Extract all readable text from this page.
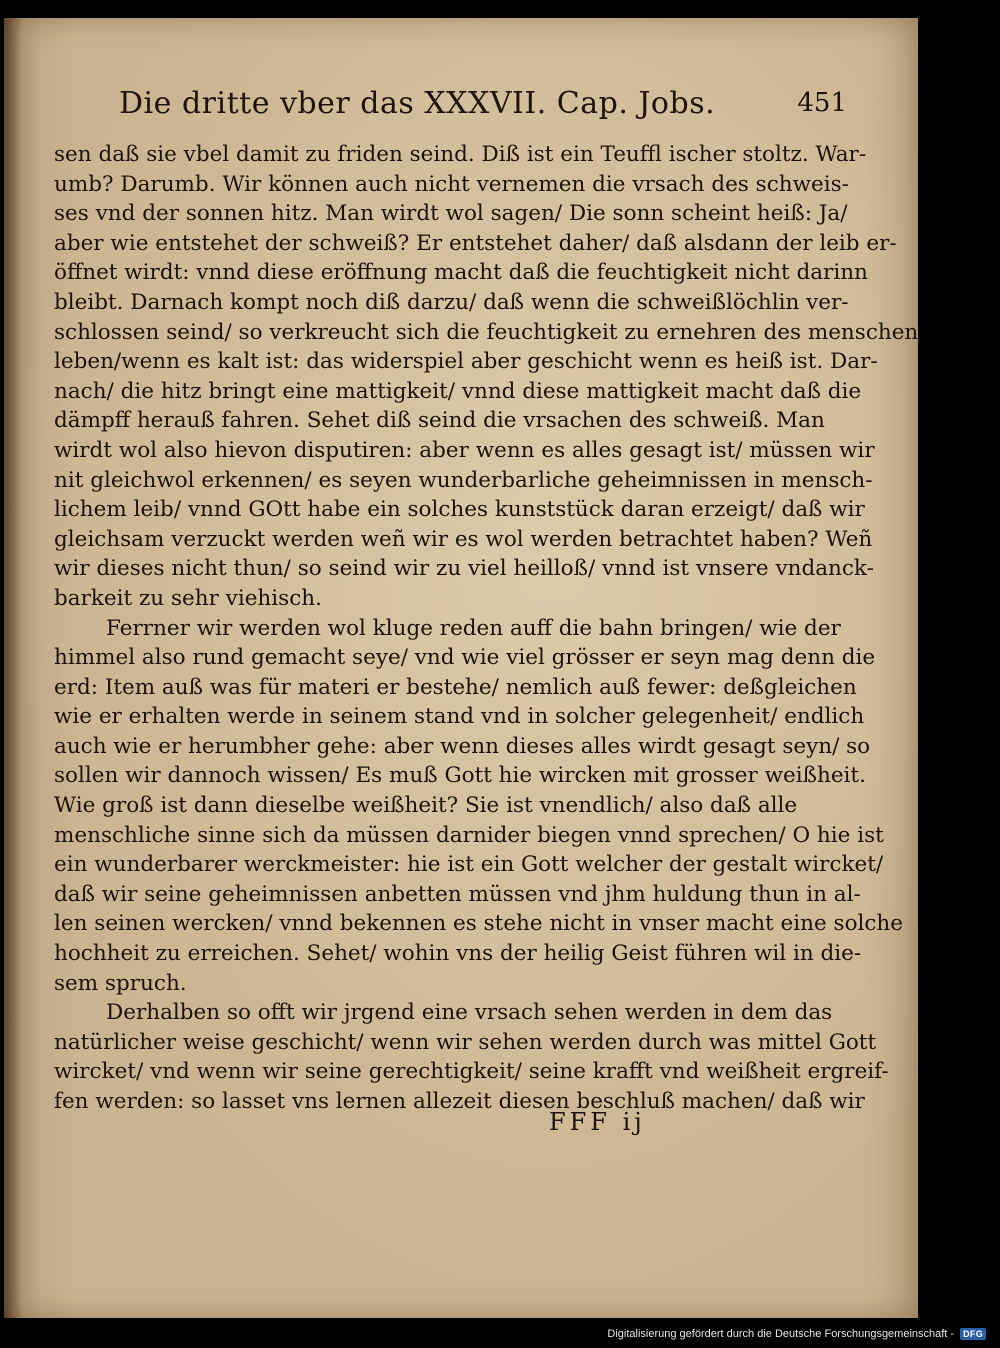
Die dritte vber das XXXVII. Cap. Jobs.	451
sen daß sie vbel damit zu friden seind. Diß ist ein Teuffl ischer stoltz. War-
umb? Darumb. Wir können auch nicht vernemen die vrsach des schweis-
ses vnd der sonnen hitz. Man wirdt wol sagen/ Die sonn scheint heiß: Ja/
aber wie entstehet der schweiß? Er entstehet daher/ daß alsdann der leib er-
öffnet wirdt: vnnd diese eröffnung macht daß die feuchtigkeit nicht darinn
bleibt. Darnach kompt noch diß darzu/ daß wenn die schweißlöchlin ver-
schlossen seind/ so verkreucht sich die feuchtigkeit zu ernehren des menschen
leben/wenn es kalt ist: das widerspiel aber geschicht wenn es heiß ist. Dar-
nach/ die hitz bringt eine mattigkeit/ vnnd diese mattigkeit macht daß die
dämpff herauß fahren. Sehet diß seind die vrsachen des schweiß. Man
wirdt wol also hievon disputiren: aber wenn es alles gesagt ist/ müssen wir
nit gleichwol erkennen/ es seyen wunderbarliche geheimnissen in mensch-
lichem leib/ vnnd GOtt habe ein solches kunststück daran erzeigt/ daß wir
gleichsam verzuckt werden weñ wir es wol werden betrachtet haben? Weñ
wir dieses nicht thun/ so seind wir zu viel heilloß/ vnnd ist vnsere vndanck-
barkeit zu sehr viehisch.
Ferrner wir werden wol kluge reden auff die bahn bringen/ wie der
himmel also rund gemacht seye/ vnd wie viel grösser er seyn mag denn die
erd: Item auß was für materi er bestehe/ nemlich auß fewer: deßgleichen
wie er erhalten werde in seinem stand vnd in solcher gelegenheit/ endlich
auch wie er herumbher gehe: aber wenn dieses alles wirdt gesagt seyn/ so
sollen wir dannoch wissen/ Es muß Gott hie wircken mit grosser weißheit.
Wie groß ist dann dieselbe weißheit? Sie ist vnendlich/ also daß alle
menschliche sinne sich da müssen darnider biegen vnnd sprechen/ O hie ist
ein wunderbarer werckmeister: hie ist ein Gott welcher der gestalt wircket/
daß wir seine geheimnissen anbetten müssen vnd jhm huldung thun in al-
len seinen wercken/ vnnd bekennen es stehe nicht in vnser macht eine solche
hochheit zu erreichen. Sehet/ wohin vns der heilig Geist führen wil in die-
sem spruch.
Derhalben so offt wir jrgend eine vrsach sehen werden in dem das
natürlicher weise geschicht/ wenn wir sehen werden durch was mittel Gott
wircket/ vnd wenn wir seine gerechtigkeit/ seine krafft vnd weißheit ergreif-
fen werden: so lasset vns lernen allezeit diesen beschluß machen/ daß wir
FFF ij
Digitalisierung gefördert durch die Deutsche Forschungsgemeinschaft -	DFG
